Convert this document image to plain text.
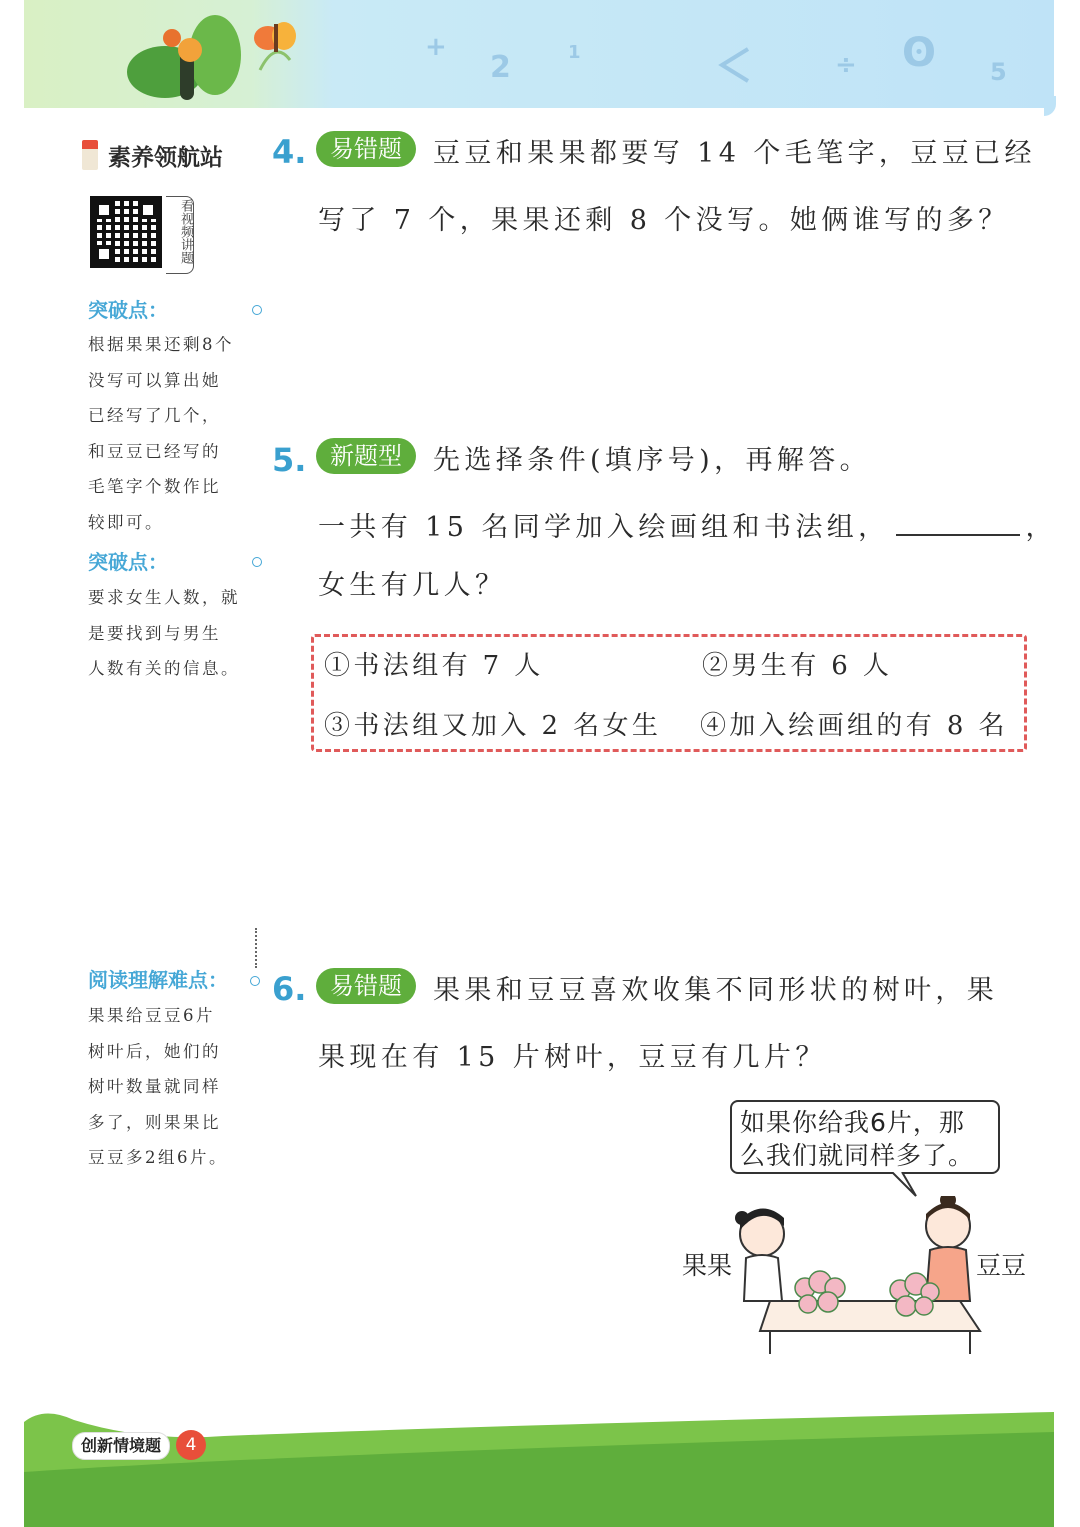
+
2	1	÷ ʘ 5
素养领航站
看视频讲题
突破点：
根据果果还剩8个
没写可以算出她
已经写了几个，
和豆豆已经写的
毛笔字个数作比
较即可。
突破点：
要求女生人数，就
是要找到与男生
人数有关的信息。
阅读理解难点：
果果给豆豆6片
树叶后，她们的
树叶数量就同样
多了，则果果比
豆豆多2组6片。
4. 易错题	豆豆和果果都要写 14 个毛笔字，豆豆已经
写了 7 个，果果还剩 8 个没写。她俩谁写的多？
5. 新题型	先选择条件(填序号)，再解答。
一共有 15 名同学加入绘画组和书法组，	，
女生有几人？
①书法组有 7 人	②男生有 6 人
③书法组又加入 2 名女生 ④加入绘画组的有 8 名
6. 易错题	果果和豆豆喜欢收集不同形状的树叶，果
果现在有 15 片树叶，豆豆有几片？
如果你给我6片，那
么我们就同样多了。
果果	豆豆
创新情境题	4
